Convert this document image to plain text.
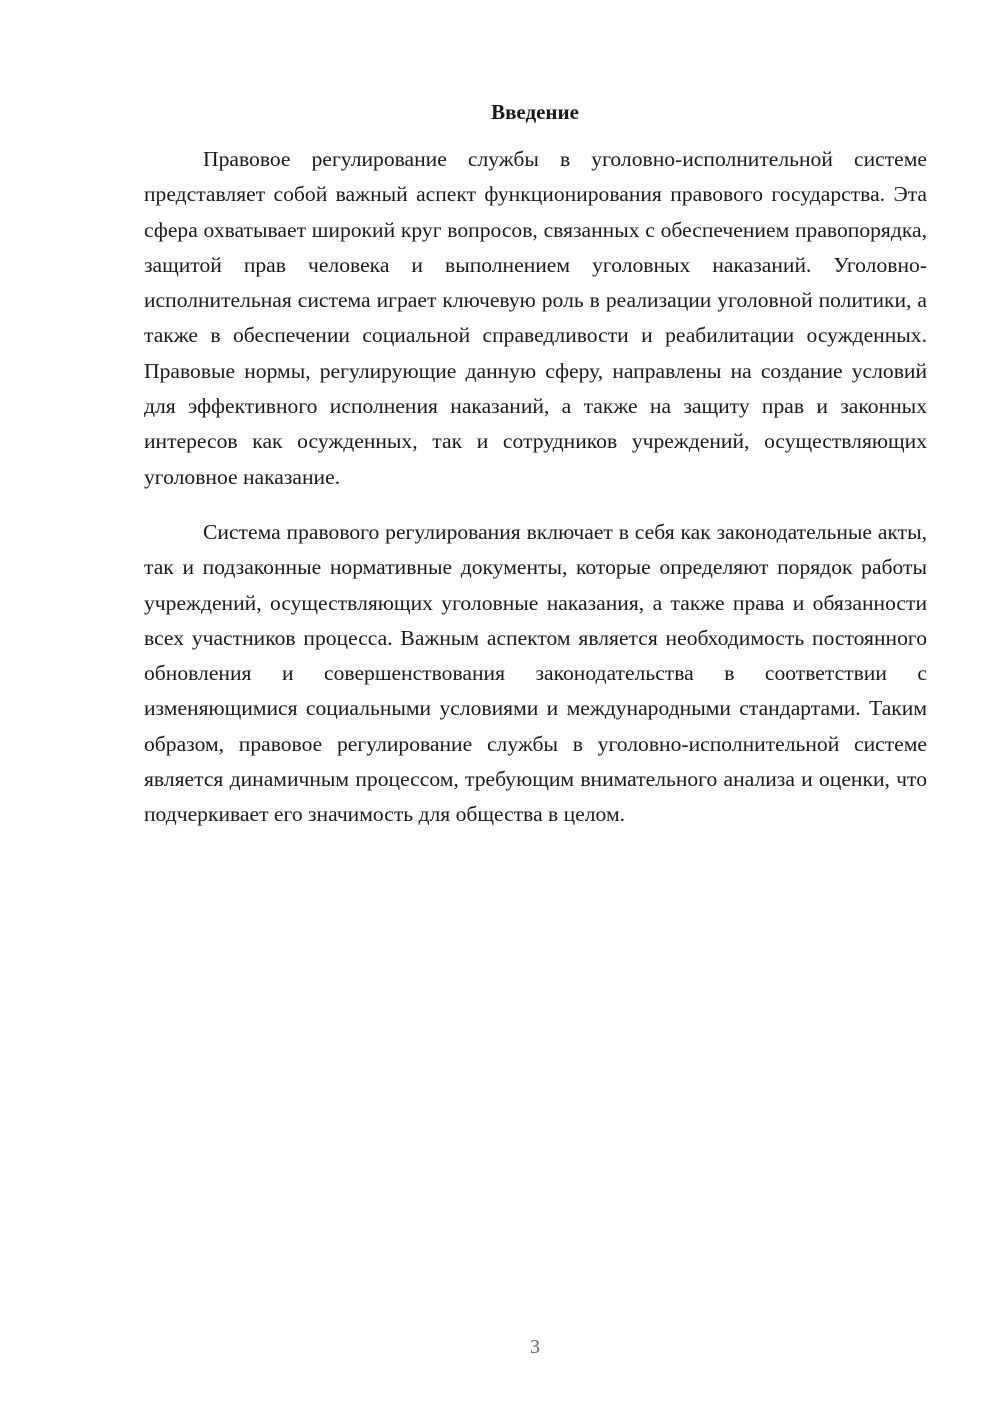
Введение

Правовое регулирование службы в уголовно-исполнительной системе представляет собой важный аспект функционирования правового государства. Эта сфера охватывает широкий круг вопросов, связанных с обеспечением правопорядка, защитой прав человека и выполнением уголовных наказаний. Уголовно-исполнительная система играет ключевую роль в реализации уголовной политики, а также в обеспечении социальной справедливости и реабилитации осужденных. Правовые нормы, регулирующие данную сферу, направлены на создание условий для эффективного исполнения наказаний, а также на защиту прав и законных интересов как осужденных, так и сотрудников учреждений, осуществляющих уголовное наказание.

Система правового регулирования включает в себя как законодательные акты, так и подзаконные нормативные документы, которые определяют порядок работы учреждений, осуществляющих уголовные наказания, а также права и обязанности всех участников процесса. Важным аспектом является необходимость постоянного обновления и совершенствования законодательства в соответствии с изменяющимися социальными условиями и международными стандартами. Таким образом, правовое регулирование службы в уголовно-исполнительной системе является динамичным процессом, требующим внимательного анализа и оценки, что подчеркивает его значимость для общества в целом.

3
